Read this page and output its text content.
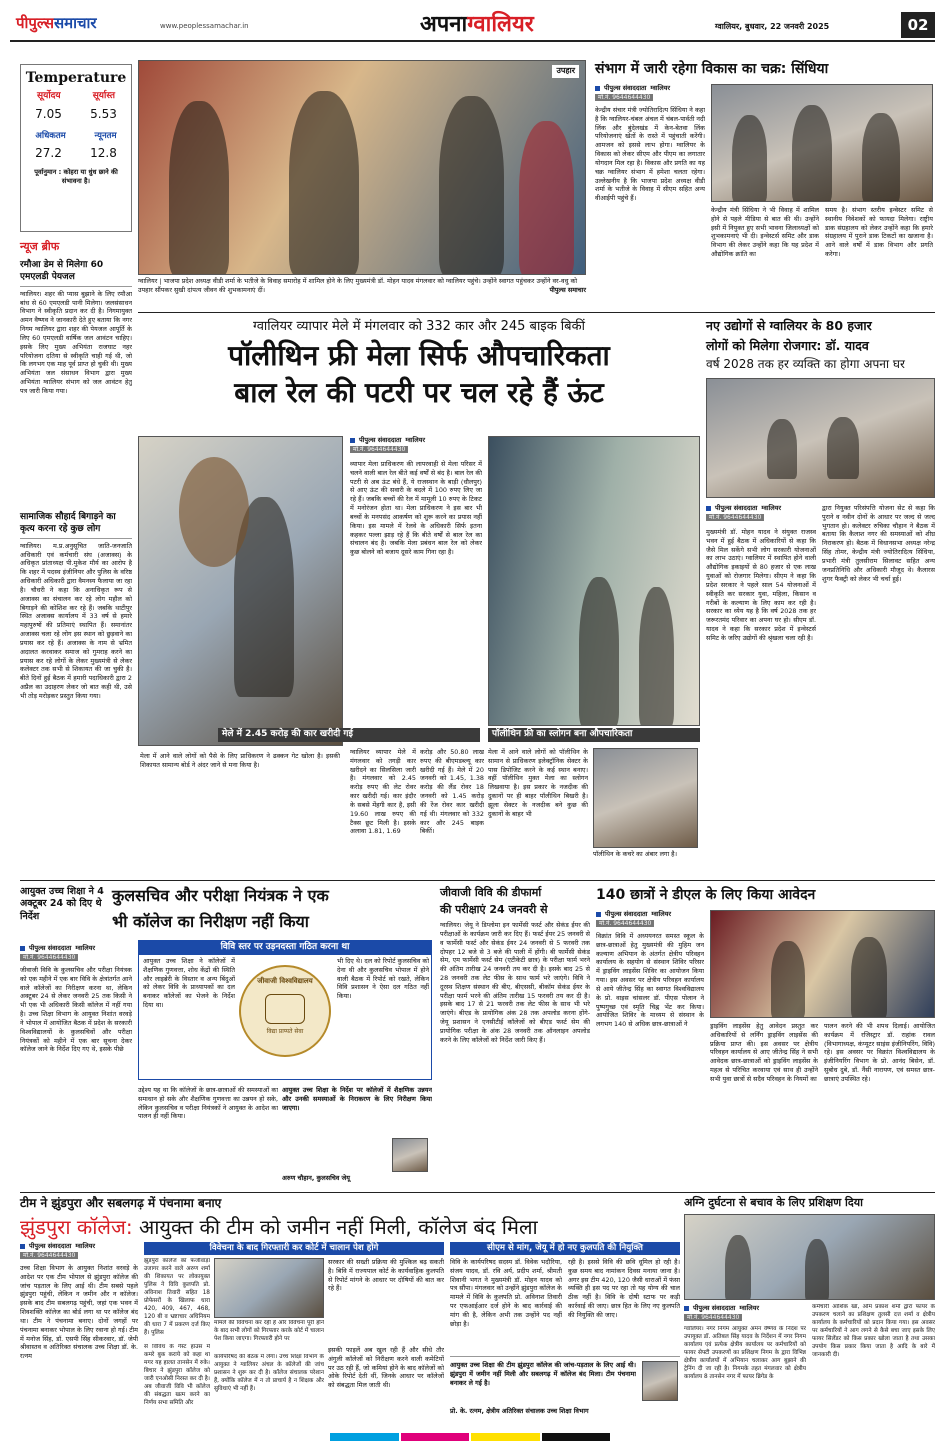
पीपुल्ससमाचार	www.peoplessamachar.in	अपनाग्वालियर	ग्वालियर, बुधवार, 22 जनवरी 2025	02
Temperature
सूर्योदय	सूर्यास्त
7.05 5.53
अधिकतम	न्यूनतम
27.2 12.8
पूर्वानुमान : कोहरा या धुंध छाने की संभावना है।
न्यूज ब्रीफ
रमौआ डेम से मिलेगा 60 एमएलडी पेयजल
ग्वालियर। शहर की प्यास बुझाने के लिए रमौआ बांध से 60 एमएलडी पानी मिलेगा। जलसंसाधन विभाग ने स्वीकृति प्रदान कर दी है। निगमायुक्त अमन वैष्णव ने जानकारी देते हुए बताया कि नगर निगम ग्वालियर द्वारा शहर की पेयजल आपूर्ति के लिए 60 एमएलडी वार्षिक जल आवंटन चाहिए। इसके लिए मुख्य अभियंता राजघाट नहर परियोजना दतिया से स्वीकृति चाही गई थी, जो कि लगभग एक माह पूर्व प्राप्त हो चुकी थी। मुख्य अभियंता जल संसाधन विभाग द्वारा मुख्य अभियंता ग्वालियर संभाग को जल आवंटन हेतु पत्र जारी किया गया।
सामाजिक सौहार्द बिगाड़ने का कृत्य करना रहे कुछ लोग
ग्वालियर। म.प्र.अनुसूचित जाति-जनजाति अधिकारी एवं कर्मचारी संघ (अजाक्स) के अधिकृत प्रांताध्यक्ष पी.मुकेश मौर्य का आरोप है कि शहर में पदस्थ इंजीनियर और पुलिस के वरिष्ठ अधिकारी अधिकारी द्वारा वैमनस्य फैलाया जा रहा है। चौधरी ने कहा कि अनाधिकृत रूप से अजाक्स का संचालन कर रहे लोग महौल को बिगाड़ने की कोशिश कर रहे हैं। जबकि थाटीपुर स्थित अजाक्स कार्यालय में 33 वर्ष से हमारे महापुरुषों की प्रतिमाएं स्थापित हैं। समानांतर अजाक्स चला रहे लोग इस स्थान को छुड़वाने का प्रयास कर रहे हैं। अजाक्स के नाम से भ्रमित अदालत करवाकर समाज को गुमराह करने का प्रयास कर रहे लोगों के लेकर मुख्यमंत्री से लेकर कलेक्टर तक सभी से शिकायत की जा चुकी है। बीते दिनों हुई बैठक में हमारी पदाधिकारी द्वारा 2 अप्रैल का उदाहरण लेकर जो बात कही थी, उसे भी तोड़ मरोड़कर प्रस्तुत किया गया।
उपहार
ग्वालियर | भाजपा प्रदेश अध्यक्ष वीडी शर्मा के भतीजे के विवाह समारोह में शामिल होने के लिए मुख्यमंत्री डॉ. मोहन यादव मंगलवार को ग्वालियर पहुंचे। उन्होंने स्वागत पहुंचकर उन्होंने वर-वधु को उपहार सौंपकर सुखी दांपत्य जीवन की शुभकामनाएं दीं।	पीपुल्स समाचार
संभाग में जारी रहेगा विकास का चक्र: सिंधिया
पीपुल्स संवाददाता ग्वालियर
मो.नं. 9644644430
केन्द्रीय संचार मंत्री ज्योतिरादित्य सिंधिया ने कहा है कि ग्वालियर-चंबल अंचल में चंबल-पार्वती नदी लिंक और बुंदेलखंड में केन-बेतवा लिंक परियोजनाएं खेतों के रास्ते में पहुंचाती करेंगी। आमजन को इससे लाभ होगा। ग्वालियर के विकास को लेकर सीएम और पीएम का लगातार योगदान मिल रहा है। विकास और प्रगति का यह चक्र ग्वालियर संभाग में हमेशा चलता रहेगा। उल्लेखनीय है कि भाजपा प्रदेश अध्यक्ष वीडी शर्मा के भतीजे के विवाह में सीएम सहित अन्य वीआईपी पहुंचे हैं।
केन्द्रीय मंत्री सिंधिया ने भी विवाह में शामिल होने से पहले मीडिया से बात की थी। उन्होंने इसी में नियुक्त हुए सभी भावना जिलाध्यक्षों को शुभकामनाएं भी दी। इन्वेस्टर्स समिट और डाक विभाग की लेकर उन्होंने कहा कि यह प्रदेश में औद्योगिक क्रांति का
समय है। संभाग स्तरीय इन्वेस्टर समिट से स्थानीय निवेशकों को फायदा मिलेगा। राष्ट्रीय डाक संग्रहालय को लेकर उन्होंने कहा कि हमारे संग्रहालय में पुराने डाक टिकटों का खजाना है। आने वाले वर्षों में डाक विभाग और प्रगति करेगा।
ग्वालियर व्यापार मेले में मंगलवार को 332 कार और 245 बाइक बिकीं
पॉलीथिन फ्री मेला सिर्फ औपचारिकता
बाल रेल की पटरी पर चल रहे हैं ऊंट
मेले में 2.45 करोड़ की कार खरीदी गई
पीपुल्स संवाददाता ग्वालियर
मो.नं. 9644644430
व्यापार मेला प्राधिकरण की लापरवाही से मेला परिसर में चलने वाली बाल रेल बीते कई वर्षों से बंद है। बाल रेल की पटरी से अब ऊंट बंधे हैं, ये राजस्थान के बाड़ी (धौलपुर) से आए ऊंट की सवारी के बदले में 100 रुपए लिए जा रहे हैं। जबकि बच्चों की रेल में मामूली 10 रुपए के टिकट में मनोरंजन होता था। मेला प्राधिकरण ने इस बार भी बच्चों के मनपसंद आकर्षण को शुरू करने का प्रयास नहीं किया। इस मामले में रेलवे के अधिकारी सिर्फ इतना कहकर पल्ला झाड़ रहे हैं कि बीते वर्षों से बाल रेल का संचालन बंद है। जबकि मेला प्रबंधन बाल रेल को लेकर कुछ बोलने को बजाय दूसरे काम गिना रहा है।
पॉलीथिन फ्री का स्लोगन बना औपचारिकता
ग्वालियर व्यापार मेले में मंगलवार को तगड़ी कार खरीदने का सिलसिला जारी है। मंगलवार को 2.45 करोड़ रुपए की लेट रोवर कार खरीदी गई। कार इंदौर के सबसे मेंहगी कार है, इसी 19.60 लाख रुपए की टैक्स छूट मिली है। इसके अलावा 1.81, 1.69
करोड़ और 50.80 लाख रुपए की बीएमडब्ल्यू कार खरीदी गई हैं। मेले में 20 जनवरी को 1.45, 1.38 करोड़ की लैंड रोवर 18 जनवरी को 1.45 करोड़ की रेंज रोवर कार खरीदी गई थी। मंगलवार को 332 कार और 245 बाइक बिकीं।
मेला में आने वाले लोगों को पॉलीथिन के सामान से प्राधिकरण इलेक्ट्रॉनिक सेक्टर के पास डिपोजिट करने के कई स्थान बनाए। वहीं पॉलीथिन मुक्त मेला का स्लोगन लिखवाया है। इस प्रकार के नजदीक की दुकानों पर ही बाहर पॉलीथिन बिखरी है। झूला सेक्टर के नजदीक बने कुछ की दुकानों के बाहर भी
पॉलीथिन के कचरे का अंबार लगा है।
मेला में आने वाले लोगों को पैसे के लिए प्राधिकरण ने ढक्कन गेट खोला है। इसकी शिकायत सामान्य बोर्ड ने अंदर जाने से मना किया है।
नए उद्योगों से ग्वालियर के 80 हजार
लोगों को मिलेगा रोजगार: डॉ. यादव
वर्ष 2028 तक हर व्यक्ति का होगा अपना घर
पीपुल्स संवाददाता ग्वालियर
मो.नं. 9644644430
मुख्यमंत्री डॉ. मोहन यादव ने संयुक्त राजस्व भवन में हुई बैठक में अधिकारियों से कहा कि जैसे मिल सकेंगे सभी लोग सरकारी योजनाओं का लाभ उठाएं। ग्वालियर में स्थापित होने वाली औद्योगिक इकाइयों से 80 हजार से एक लाख युवाओं को रोजगार मिलेगा। सीएम ने कहा कि प्रदेश सरकार ने पहले साल 54 योजनाओं में स्वीकृति कर सरकार युवा, महिला, किसान व गरीबों के कल्याण के लिए काम कर रही है। सरकार का ध्येय यह है कि वर्ष 2028 तक हर जरूरतमंद परिवार का अपना घर हो। सीएम डॉ. यादव ने कहा कि सरकार प्रदेश में इन्वेस्टर्स समिट के जरिए उद्योगों की श्रृंखला चला रही है।
द्वारा नियुक्त परिसंपत्ति योजना सेट से कहा कि पुराने व नवीन दोनों के आधार पर जल्द से जल्द भुगतान हो। कलेक्टर रुचिका चौहान ने बैठक में बताया कि कैलाश नगर की समस्याओं को शीघ्र निराकरण हो। बैठक में विधानसभा अध्यक्ष नरेन्द्र सिंह तोमर, केन्द्रीय मंत्री ज्योतिरादित्य सिंधिया, प्रभारी मंत्री तुलसीराम सिलावट सहित अन्य जनप्रतिनिधि और अधिकारी मौजूद थे। कैलारस शुगर फैक्ट्री को लेकर भी चर्चा हुई।
आयुक्त उच्च शिक्षा ने 4 अक्टूबर 24 को दिए थे निर्देश
कुलसचिव और परीक्षा नियंत्रक ने एक
भी कॉलेज का निरीक्षण नहीं किया
पीपुल्स संवाददाता ग्वालियर
मो.नं. 9644644430
जीवाजी विवि के कुलसचिव और परीक्षा नियंत्रक को एक महीने में एक बार विवि के क्षेत्रांतर्गत आने वाले कॉलेजों का निरीक्षण करना था, लेकिन अक्टूबर 24 से लेकर जनवरी 25 तक किसी ने भी एक भी अधिकारी किसी कॉलेज में नहीं गया है। उच्च शिक्षा विभाग के आयुक्त निशांत वरवड़े ने भोपाल में आयोजित बैठक में प्रदेश के सरकारी विश्वविद्यालयों के कुलसचिवों और परीक्षा नियंत्रकों को महीने में एक बार सूचना देकर कॉलेज जाने के निर्देश दिए गए थे, इसके पीछे
विवि स्तर पर उड़नदस्ता गठित करना था
आयुक्त उच्च शिक्षा ने कॉलेजों में शैक्षणिक गुणवत्ता, शोध केंद्रों की स्थिति और लाइब्रेरी के विस्तार व अन्य बिंदुओं को लेकर विवि के प्राध्यापकों का दल बनाकर कॉलेजों का भेजने के निर्देश दिया था।
जीवाजी विश्वविद्यालय
विद्या प्राप्यते सेवा
भी दिए थे। दल को रिपोर्ट कुलसचिव को देना थी और कुलसचिव भोपाल में होने वाली बैठक में रिपोर्ट को रखते, लेकिन विवि प्रशासन ने ऐसा दल गठित नहीं किया।
उद्देश्य यह था कि कॉलेजों के छात्र-छात्राओं की समस्याओं का समाधान हो सके और शैक्षणिक गुणवत्ता का उन्नयन हो सके, लेकिन कुलसचिव व परीक्षा नियंत्रकों ने आयुक्त के आदेश का पालन ही नहीं किया।
आयुक्त उच्च शिक्षा के निर्देश पर कॉलेजों में शैक्षणिक उन्नयन और उनकी समस्याओं के निराकरण के लिए निरीक्षण किया जाएगा।
अरुण चौहान, कुलसचिव जेयू
जीवाजी विवि की डीफार्मा
की परीक्षाएं 24 जनवरी से
ग्वालियर। जेयू ने डिप्लोमा इन फार्मेसी फर्स्ट और सेकंड ईयर की परीक्षाओं के कार्यक्रम जारी कर दिए हैं। फर्स्ट ईयर 25 जनवरी से व फार्मेसी फर्स्ट और सेकंड ईयर 24 जनवरी से 5 फरवरी तक दोपहर 12 बजे से 3 बजे की पाली में होंगी। बी फार्मेसी सेकंड सेम, एम फार्मेसी फर्स्ट सेम (एटीकेटी छात्र) के परीक्षा फार्म भरने की अंतिम तारीख 24 जनवरी तय कर दी है। इसके बाद 25 से 28 जनवरी तक लेट फीस के साथ फार्म भरे जाएंगे। विवि ने दूरस्थ शिक्षण संस्थान की बीए, बीएससी, बीकॉम सेकंड ईयर के परीक्षा फार्म भरने की अंतिम तारीख 15 फरवरी तय कर दी है। इसके बाद 17 से 21 फरवरी तक लेट फीस के साथ भी भरे जाएंगे। बीएड के प्रायोगिक अंक 28 तक अपलोड करना होंगे- जेयू प्रशासन ने एनसीटीई कॉलेजों को बीएड फर्स्ट सेम की प्रायोगिक परीक्षा के अंक 28 जनवरी तक ऑनलाइन अपलोड करने के लिए कॉलेजों को निर्देश जारी किए हैं।
140 छात्रों ने डीएल के लिए किया आवेदन
पीपुल्स संवाददाता ग्वालियर
मो.नं. 9644644430
विक्रांत विवि में अध्ययनरत समस्त स्कूल के छात्र-छात्राओं हेतु मुख्यमंत्री की मुहिम जन कल्याण अभियान के अंतर्गत क्षेत्रीय परिवहन कार्यालय के सहयोग से संस्थान शिविर परिसर में ड्राइविंग लाइसेंस शिविर का आयोजन किया गया। इस अवसर पर क्षेत्रीय परिवहन कार्यालय से आये जीतेन्द्र सिंह का स्वागत विश्वविद्यालय के प्रो. वाइस चांसलर डॉ. पीएस पोलान ने पुष्पगुच्छ एवं स्मृति चिह्न भेंट कर किया। आयोजित शिविर के माध्यम से संस्थान के लगभग 140 से अधिक छात्र-छात्राओं ने	ड्राइविंग लाइसेंस हेतु आवेदन प्रस्तुत कर अधिकारियों से लर्निंग ड्राइविंग लाइसेंस की प्रक्रिया प्राप्त की। इस अवसर पर क्षेत्रीय परिवहन कार्यालय से आए जीतेन्द्र सिंह ने सभी आवेदक छात्र-छात्राओं को ड्राइविंग लाइसेंस के महत्व से परिचित करवाया एवं साथ ही उन्होंने सभी युवा छात्रों से सदैव परिवहन के नियमों का
पालन करने की भी शपथ दिलाई। आयोजित कार्यक्रम में रजिस्ट्रार डॉ. राहांक रावल (विभागाध्यक्ष, कंप्यूटर साइंस इंजीनियरिंग, विवि) रहे। इस अवसर पर विक्रांत विश्वविद्यालय के इंजीनियरिंग विभाग के प्रो. आनंद बिसेन, डॉ. सुबोध दुबे, डॉ. नैंसी नारायण, एवं समस्त छात्र-छात्राएं उपस्थित रहे।
टीम ने झुंडपुरा और सबलगढ़ में पंचनामा बनाए
झुंडपुरा कॉलेज: आयुक्त की टीम को जमीन नहीं मिली, कॉलेज बंद मिला
पीपुल्स संवाददाता ग्वालियर
मो.नं. 9644644430
उच्च शिक्षा विभाग के आयुक्त निशांत वरवड़े के आदेश पर एक टीम भोपाल से झुंडपुरा कॉलेज की जांच पड़ताल के लिए आई थी। टीम सबसे पहले झुंडपुरा पहुंची, लेकिन न जमीन और न कॉलेज। इसके बाद टीम सबलगढ़ पहुंची, जहां एक भवन में शिवशक्ति कॉलेज का बोर्ड लगा था पर कॉलेज बंद था। टीम ने पंचनामा बनाए। दोनों जगहों पर पंचनामा बनाकर भोपाल के लिए रवाना हो गई। टीम में मनोज सिंह, डॉ. एसपी सिंह सीकरवार, डॉ. जेपी श्रीवास्तव व अतिरिक्त संचालक उच्च शिक्षा डॉ. के. रत्नम
से विविध के गेस्ट हाउस में कमरे बुक कराये को कहा था मगर यह हालत तानसेन में रुके। बिचार ने झुंडपुरा कॉलेज को जारी एनओसी निरस्त कर दी है। अब जीवाजी विवि भी कॉलेज की संबद्धता खत्म करने का निर्णय सभा समिति और
विवेचना के बाद गिरफ्तारी कर कोर्ट में चालान पेश होंगे
झुंडपुरा कॉलेज का फर्जीवाड़ा उजागर करने वाले अरुण शर्मा की शिकायत पर लोकायुक्त पुलिस ने विवि कुलपति प्रो. अविनाश तिवारी सहित 18 प्रोफेसरों के खिलाफ धारा 420, 409, 467, 468, 120 बी व भ्रष्टाचार अधिनियम की धारा 7 में प्रकरण दर्ज किए हैं। पुलिस
मामले की विवेचना कर रही है और विवेचना पूरी होने के बाद सभी लोगों को गिरफ्तार करके कोर्ट में चालान पेश किया जाएगा। गिरफ्तारी होने पर
सरकार की सख्ती प्रक्रिया की मुश्किल बढ़ सकती है। बिवि में राज्यपाल कोर्ट के कार्यवाहिक कुलपति से रिपोर्ट मांगने के आधार पर दोषियों की बात कर रहे हैं।
कार्यपरिषद की बैठक में लेगा। उच्च शिक्षा विभाग के आयुक्त ने ग्वालियर अंचल के कॉलेजों की जांच प्रशासन ने शुरू कर दी है। कॉलेज संचालक परेशान हैं, क्योंकि कॉलेज में न तो प्राचार्य है न शिक्षक और सुविधाएं भी नहीं हैं।
इसकी फाइलें अब खुल रही हैं और सीधे तौर अंगुली कॉलेजों को निरीक्षण करने वाली कमेटियों पर उठ रही हैं, जो कमियां होने के बाद कॉलेजों को ओके रिपोर्ट देती थीं, जिनके आधार पर कॉलेजों को संबद्धता मिल जाती थी।
सीएम से मांग, जेयू में हो नए कुलपति की नियुक्ति
विवि के कार्यपरिषद सदस्य डॉ. विवेक भदौरिया, संजय यादव, डॉ. रवि अर्य, प्रदीप शर्मा, श्रीमती शिवानी भगत ने मुख्यमंत्री डॉ. मोहन यादव को पत्र सौंपा। मंगलवार को उन्होंने झुंडपुरा कॉलेज के मामले में विवि के कुलपति प्रो. अविनाश तिवारी पर एफआईआर दर्ज होने के बाद कार्रवाई की मांग की है, लेकिन अभी तक उन्होंने पद नहीं छोड़ा है।
रही है। इससे विवि की छवि धूमिल हो रही है। कुछ समय बाद नामांकन दिवस मनाया जाना है। अगर इस टीम 420, 120 जैसी धाराओं में फंसा व्यक्ति ही इस पद पर रहा तो यह योग्य की चाल ठीक नहीं है। विवि के दोषी स्टाफ पर कड़ी कार्रवाई की जाए। छात्र हित के लिए नए कुलपति की नियुक्ति की जाए।
आयुक्त उच्च शिक्षा की टीम झुंडपुरा कॉलेज की जांच-पड़ताल के लिए आई थी। झुंडपुरा में जमीन नहीं मिली और सबलगढ़ में कॉलेज बंद मिला। टीम पंचनामा बनाकर ले गई है।
प्रो. के. रत्नम, क्षेत्रीय अतिरिक्त संचालक उच्च शिक्षा विभाग
अग्नि दुर्घटना से बचाव के लिए प्रशिक्षण दिया
पीपुल्स संवाददाता ग्वालियर
मो.नं. 9644644430
ग्वालियर। नगर निगम आयुक्त अमन वैष्णव के निर्देश पर उपायुक्त डॉ. अतिबल सिंह यादव के निर्देशन में नगर निगम कार्यालय एवं प्रत्येक क्षेत्रीय कार्यालय पर कर्मचारियों को फायर सेफ्टी उपकरणों का प्रशिक्षण निगम के द्वारा विभिन्न क्षेत्रीय कार्यालयों में अभियान चलाकर आग बुझाने की ट्रेनिंग दी जा रही है। निगमके तहत मंगलवार को क्षेत्रीय कार्यालय 8 तानसेन नगर में फायर ब्रिगेड के
कर्मचारी आशिक खां, ओम प्रकाश शर्मा द्वारा फायर के उपकरण चलाने का प्रशिक्षण तुलसी दत्त शर्मा व क्षेत्रीय कार्यालय के कर्मचारियों को प्रदान किया गया। इस अवसर पर कर्मचारियों ने आग लगने से कैसे बचा जाए इसके लिए फायर सिलेंडर को किस प्रकार खोला जाता है तथा उसका उपयोग किस प्रकार किया जाता है आदि के बारे में जानकारी दी।
